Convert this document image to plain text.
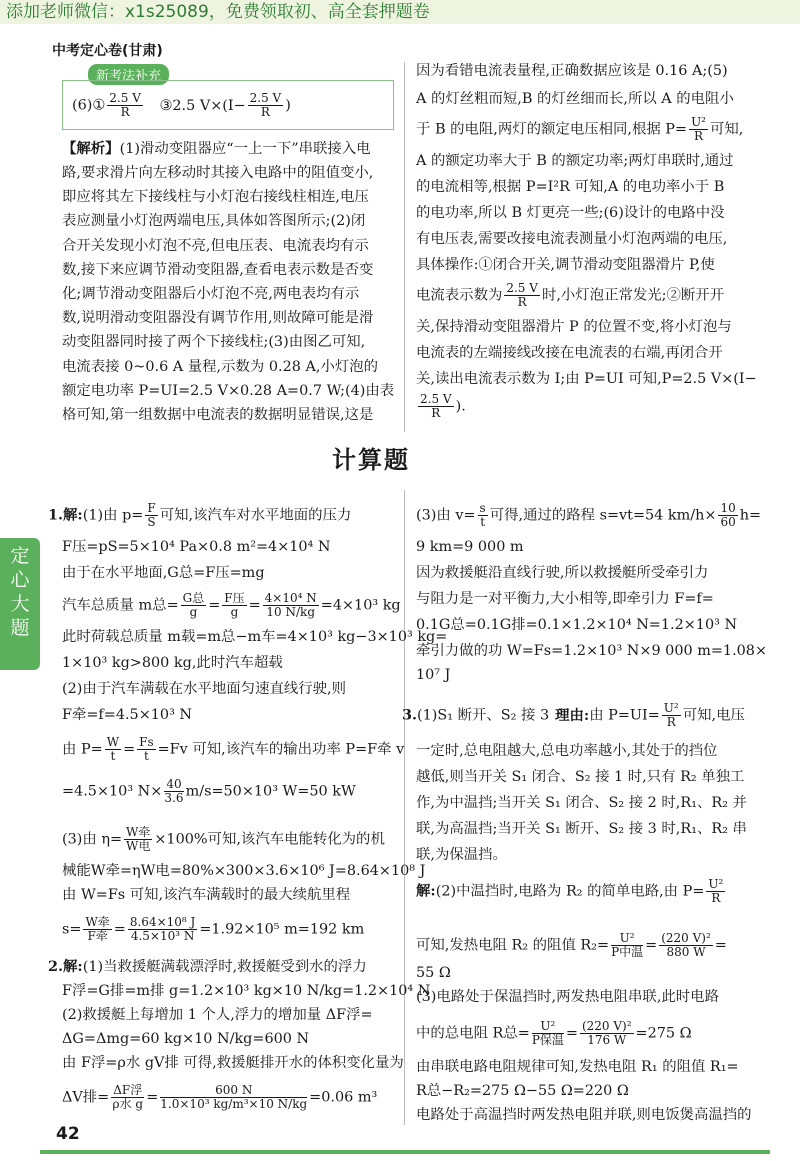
添加老师微信：x1s25089，免费领取初、高全套押题卷
中考定心卷(甘肃)
新考法补充
(6)① $\frac{2.5 V}{R}$ ③2.5 $V\times(I- \frac{2.5 V}{R}$ )
【解析】(1)滑动变阻器应“一上一下”串联接入电
路,要求滑片向左移动时其接入电路中的阻值变小,
即应将其左下接线柱与小灯泡右接线柱相连,电压
表应测量小灯泡两端电压,具体如答图所示;(2)闭
合开关发现小灯泡不亮,但电压表、电流表均有示
数,接下来应调节滑动变阻器,查看电表示数是否变
化;调节滑动变阻器后小灯泡不亮,两电表均有示
数,说明滑动变阻器没有调节作用,则故障可能是滑
动变阻器同时接了两个下接线柱;(3)由图乙可知,
电流表接 0~0.6 A 量程,示数为 0.28 A,小灯泡的
额定电功率 P=UI=2.5 V×0.28 A=0.7 W;(4)由表
格可知,第一组数据中电流表的数据明显错误,这是
因为看错电流表量程,正确数据应该是 0.16 A;(5)
A 的灯丝粗而短,B 的灯丝细而长,所以 A 的电阻小
于 B 的电阻,两灯的额定电压相同,根据 $P= \frac{\text{U²}}{R}$ 可知,
A 的额定功率大于 B 的额定功率;两灯串联时,通过
的电流相等,根据 P=I²R 可知,A 的电功率小于 B
的电功率,所以 B 灯更亮一些;(6)设计的电路中没
有电压表,需要改接电流表测量小灯泡两端的电压,
具体操作:①闭合开关,调节滑动变阻器滑片 P,使
电流表示数为 $\frac{2.5 V}{R}$ 时,小灯泡正常发光;②断开开
关,保持滑动变阻器滑片 P 的位置不变,将小灯泡与
电流表的左端接线改接在电流表的右端,再闭合开
关,读出电流表示数为 I;由 P=UI 可知,P=2.5 V×(I−
$\frac{2.5 V}{R}$ ).
计算题
定
心
大
题
1.解:(1)由 $p= \frac{F}{S}$ 可知,该汽车对水平地面的压力
F压=pS=5×10⁴ Pa×0.8 m²=4×10⁴ N
由于在水平地面,G总=F压=mg
汽车总质量 m总= $\frac{\text{G总}}{g} = \frac{\text{F压}}{g} = \frac{\text{4×10⁴ N}}{10 N/kg} =4\times 10^3$ kg
此时荷载总质量 m载=m总−m车=4×10³ kg−3×10³ kg=
1×10³ kg>800 kg,此时汽车超载
(2)由于汽车满载在水平地面匀速直线行驶,则
F牵=f=4.5×10³ N
由 $P= \frac{W}{t} = \frac{Fs}{t} =Fv$ 可知,该汽车的输出功率 P=F牵 v
=4.5×10³ $N\times \frac{40}{3.6} m/s=50\times 10^3$ W=50 kW
(3)由 $\eta= \frac{\text{W牵}}{\text{W电}} \times 100\%$可知,该汽车电能转化为的机
械能W牵=ηW电=80%×300×3.6×10⁶ J=8.64×10⁸ J
由 W=Fs 可知,该汽车满载时的最大续航里程
$s= \frac{\text{W牵}}{\text{F牵}} = \frac{\text{8.64×10⁸ J}}{\text{4.5×10³ N}} =1.92\times 10^5$ m=192 km
2.解:(1)当救援艇满载漂浮时,救援艇受到水的浮力
F浮=G排=m排 g=1.2×10³ kg×10 N/kg=1.2×10⁴ N
(2)救援艇上每增加 1 个人,浮力的增加量 ΔF浮=
ΔG=Δmg=60 kg×10 N/kg=600 N
由 F浮=ρ水 gV排 可得,救援艇排开水的体积变化量为
ΔV排= $\frac{\text{ΔF浮}}{\text{ρ水 g}} = \frac{600 N}{\text{1.0×10³ kg/m³×10 N/kg}} =0.06$ m³
(3)由 $v= \frac{s}{t}$ 可得,通过的路程 s=vt=54 $km/h\times \frac{10}{60} h=$
9 km=9 000 m
因为救援艇沿直线行驶,所以救援艇所受牵引力
与阻力是一对平衡力,大小相等,即牵引力 F=f=
0.1G总=0.1G排=0.1×1.2×10⁴ N=1.2×10³ N
牵引力做的功 W=Fs=1.2×10³ N×9 000 m=1.08×
10⁷ J
3.(1)S₁ 断开、S₂ 接 3 理由:由 $P=UI= \frac{\text{U²}}{R}$ 可知,电压
一定时,总电阻越大,总电功率越小,其处于的挡位
越低,则当开关 S₁ 闭合、S₂ 接 1 时,只有 R₂ 单独工
作,为中温挡;当开关 S₁ 闭合、S₂ 接 2 时,R₁、R₂ 并
联,为高温挡;当开关 S₁ 断开、S₂ 接 3 时,R₁、R₂ 串
联,为保温挡。
解:(2)中温挡时,电路为 R₂ 的简单电路,由 $P= \frac{\text{U²}}{R}$
可知,发热电阻 R₂ 的阻值 $R_2= \frac{\text{U²}}{\text{P中温}} = \frac{\text{(220 V)²}}{880 W}$ =
55 Ω
(3)电路处于保温挡时,两发热电阻串联,此时电路
中的总电阻 R总= $\frac{\text{U²}}{\text{P保温}} = \frac{\text{(220 V)²}}{176 W} =275$ Ω
由串联电路电阻规律可知,发热电阻 R₁ 的阻值 R₁=
R总−R₂=275 Ω−55 Ω=220 Ω
电路处于高温挡时两发热电阻并联,则电饭煲高温挡的
42
